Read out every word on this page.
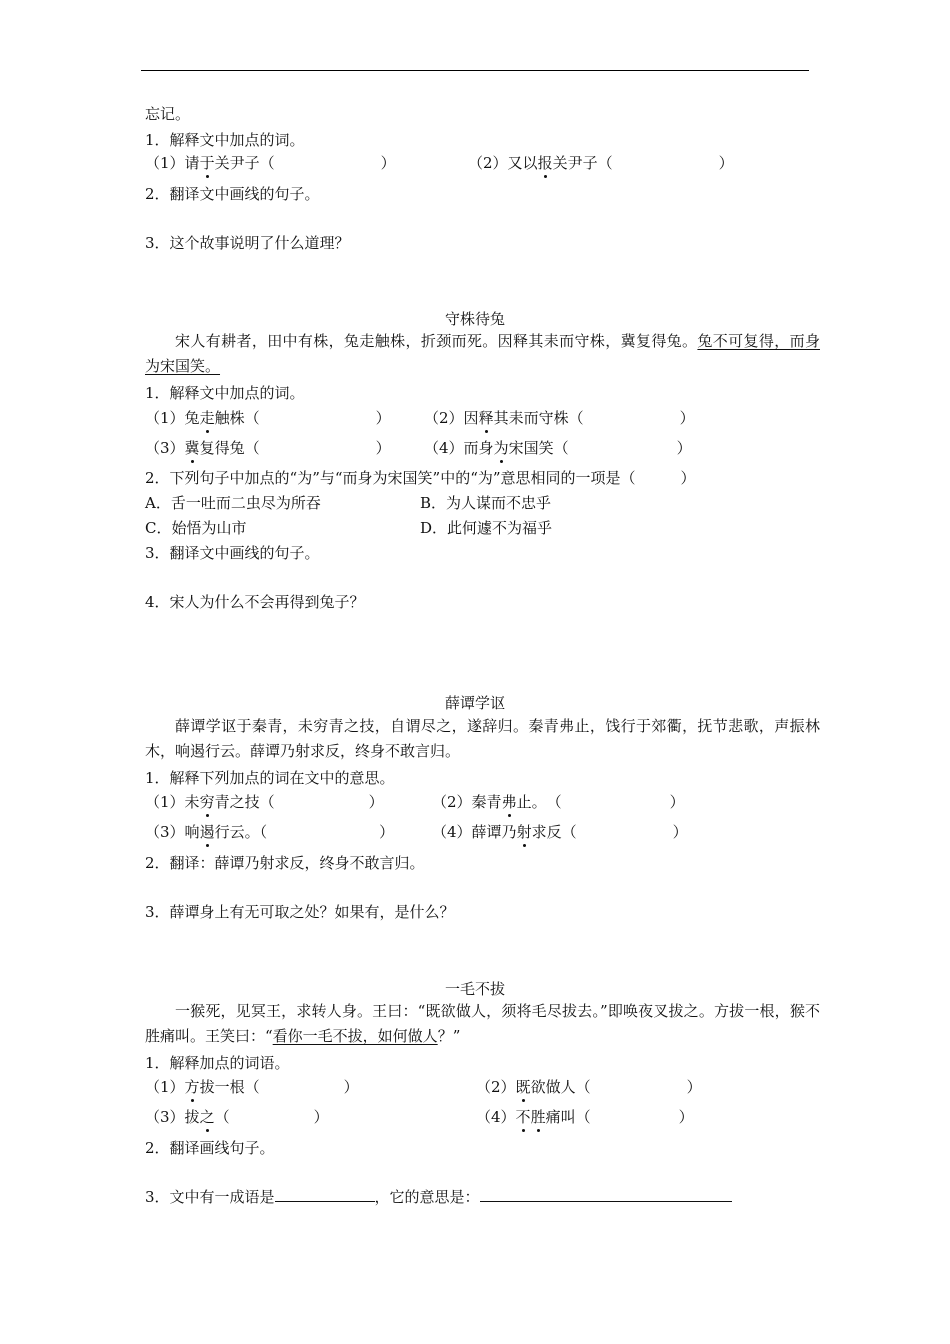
忘记。
1．解释文中加点的词。
（1）请于关尹子（	）	（2）又以报关尹子（	）
2．翻译文中画线的句子。
3．这个故事说明了什么道理？
守株待兔
宋人有耕者，田中有株，兔走触株，折颈而死。因释其耒而守株，冀复得兔。兔不可复得，而身为宋国笑。
1．解释文中加点的词。
（1）兔走触株（	） （2）因释其耒而守株（	）
（3）冀复得兔（	） （4）而身为宋国笑（	）
2．下列句子中加点的“为”与“而身为宋国笑”中的“为”意思相同的一项是（　　　）
A．舌一吐而二虫尽为所吞	B．为人谋而不忠乎
C．始悟为山市	D．此何遽不为福乎
3．翻译文中画线的句子。
4．宋人为什么不会再得到兔子？
薛谭学讴
薛谭学讴于秦青，未穷青之技，自谓尽之，遂辞归。秦青弗止，饯行于郊衢，抚节悲歌，声振林木，响遏行云。薛谭乃射求反，终身不敢言归。
1．解释下列加点的词在文中的意思。
（1）未穷青之技（	）	（2）秦青弗止。　（	）
（3）响遏行云。（	）	（4）薛谭乃射求反（	）
2．翻译：薛谭乃射求反，终身不敢言归。
3．薛谭身上有无可取之处？如果有，是什么？
一毛不拔
一猴死，见冥王，求转人身。王曰：“既欲做人，须将毛尽拔去。”即唤夜叉拔之。方拔一根，猴不胜痛叫。王笑曰：“看你一毛不拔，如何做人？”
1．解释加点的词语。
（1）方拔一根（	）	（2）既欲做人（	）
（3）拔之（	）	（4）不胜痛叫（	）
2．翻译画线句子。
3．文中有一成语是	，它的意思是：
